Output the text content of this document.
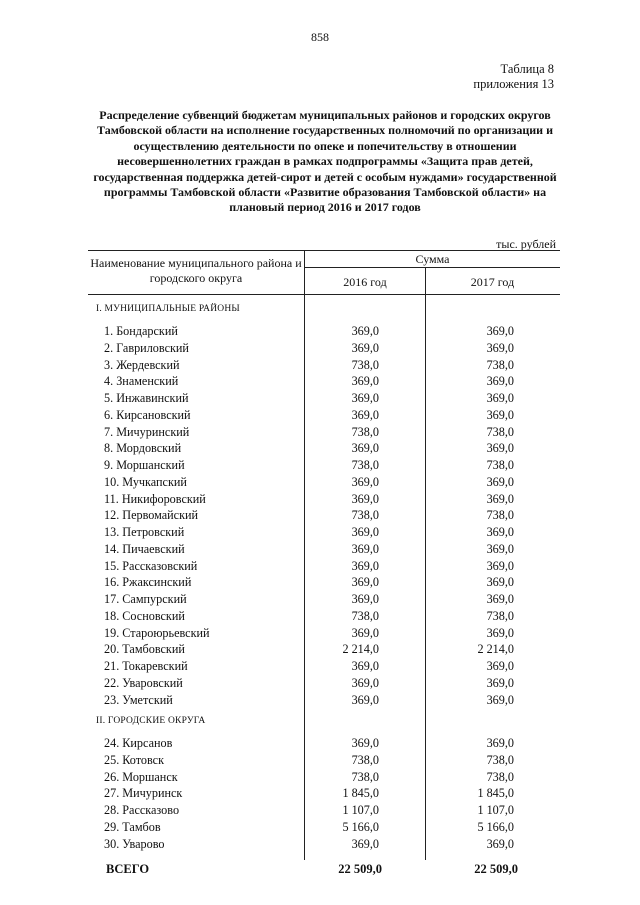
858
Таблица 8
приложения 13
Распределение субвенций бюджетам муниципальных районов и городских округов Тамбовской области на исполнение государственных полномочий по организации и осуществлению деятельности по опеке и попечительству в отношении несовершеннолетних граждан в рамках подпрограммы «Защита прав детей, государственная поддержка детей-сирот и детей с особым нуждами» государственной программы Тамбовской области «Развитие образования Тамбовской области» на плановый период 2016 и 2017 годов
тыс. рублей
Наименование муниципального района и городского округа
Сумма
2016 год	2017 год
I. МУНИЦИПАЛЬНЫЕ РАЙОНЫ
1. Бондарский	369,0	369,0
2. Гавриловский	369,0	369,0
3. Жердевский	738,0	738,0
4. Знаменский	369,0	369,0
5. Инжавинский	369,0	369,0
6. Кирсановский	369,0	369,0
7. Мичуринский	738,0	738,0
8. Мордовский	369,0	369,0
9. Моршанский	738,0	738,0
10. Мучкапский	369,0	369,0
11. Никифоровский	369,0	369,0
12. Первомайский	738,0	738,0
13. Петровский	369,0	369,0
14. Пичаевский	369,0	369,0
15. Рассказовский	369,0	369,0
16. Ржаксинский	369,0	369,0
17. Сампурский	369,0	369,0
18. Сосновский	738,0	738,0
19. Староюрьевский	369,0	369,0
20. Тамбовский	2 214,0	2 214,0
21. Токаревский	369,0	369,0
22. Уваровский	369,0	369,0
23. Уметский	369,0	369,0
II. ГОРОДСКИЕ ОКРУГА
24. Кирсанов	369,0	369,0
25. Котовск	738,0	738,0
26. Моршанск	738,0	738,0
27. Мичуринск	1 845,0	1 845,0
28. Рассказово	1 107,0	1 107,0
29. Тамбов	5 166,0	5 166,0
30. Уварово	369,0	369,0
ВСЕГО	22 509,0	22 509,0
